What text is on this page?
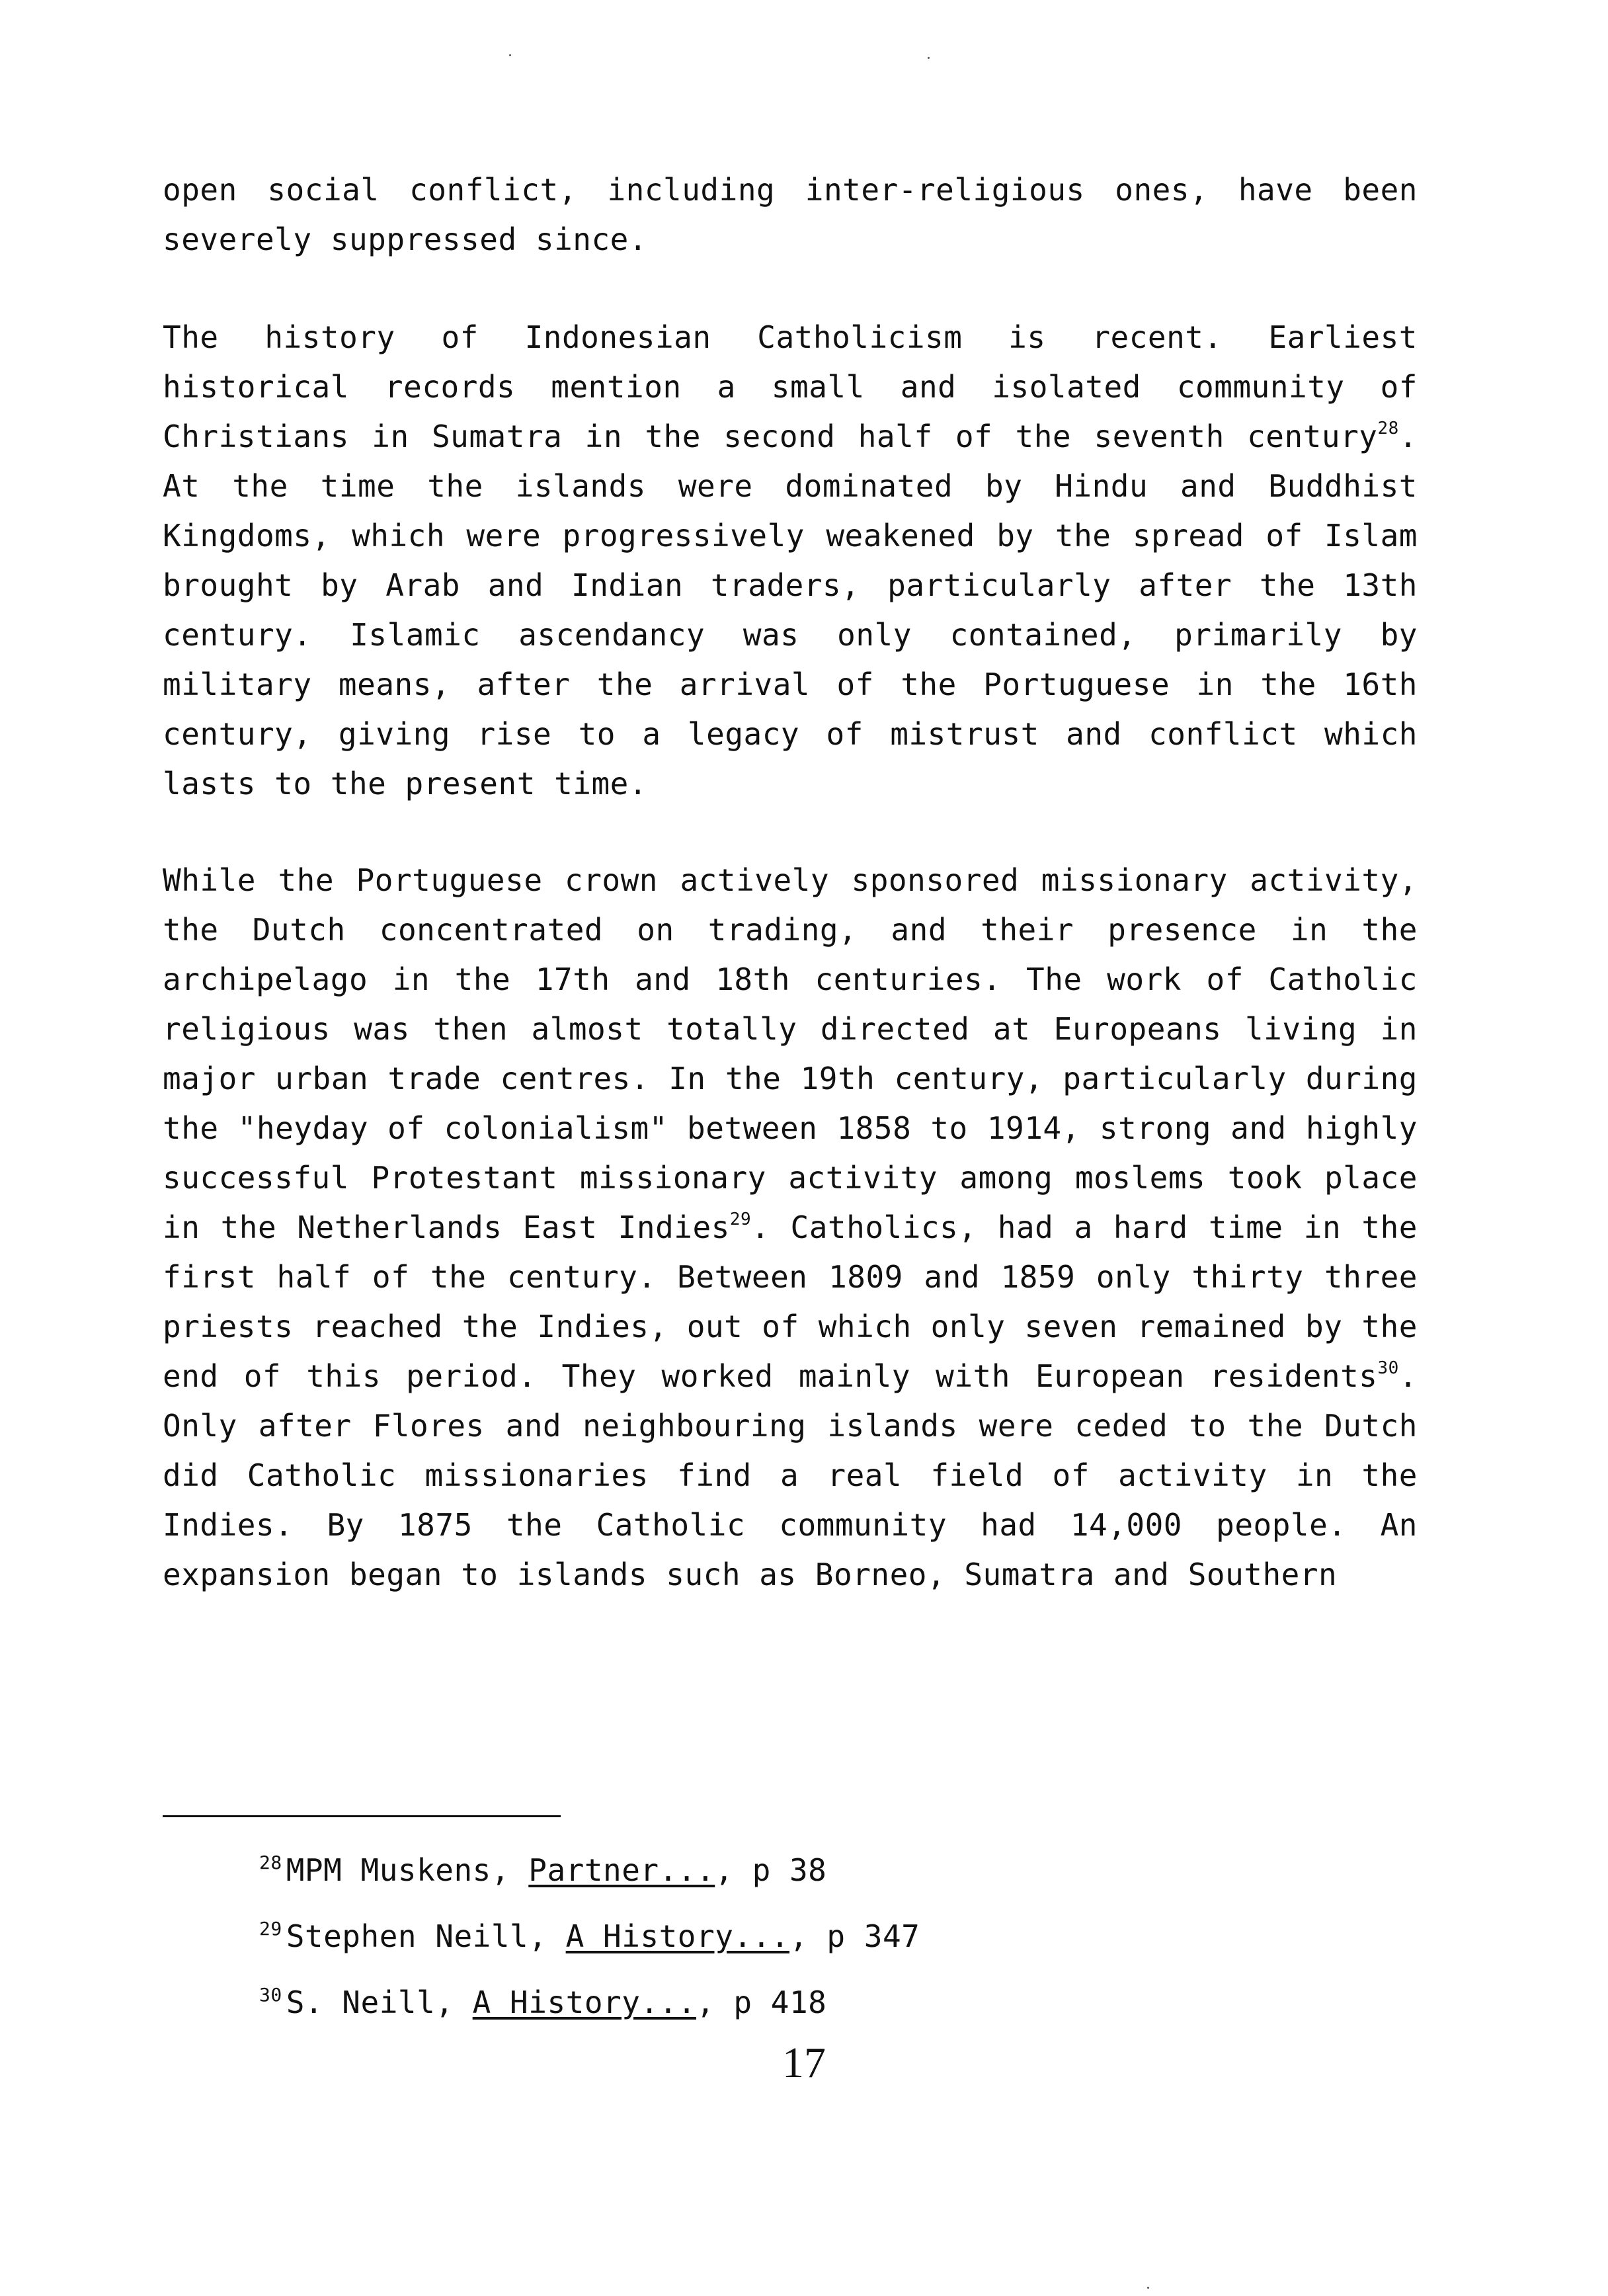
open social conflict, including inter-religious ones, have been severely suppressed since.

The history of Indonesian Catholicism is recent. Earliest historical records mention a small and isolated community of Christians in Sumatra in the second half of the seventh century$^{28}$. At the time the islands were dominated by Hindu and Buddhist Kingdoms, which were progressively weakened by the spread of Islam brought by Arab and Indian traders, particularly after the 13th century. Islamic ascendancy was only contained, primarily by military means, after the arrival of the Portuguese in the 16th century, giving rise to a legacy of mistrust and conflict which lasts to the present time.

While the Portuguese crown actively sponsored missionary activity, the Dutch concentrated on trading, and their presence in the archipelago in the 17th and 18th centuries. The work of Catholic religious was then almost totally directed at Europeans living in major urban trade centres. In the 19th century, particularly during the "heyday of colonialism" between 1858 to 1914, strong and highly successful Protestant missionary activity among moslems took place in the Netherlands East Indies$^{29}$. Catholics, had a hard time in the first half of the century. Between 1809 and 1859 only thirty three priests reached the Indies, out of which only seven remained by the end of this period. They worked mainly with European residents$^{30}$. Only after Flores and neighbouring islands were ceded to the Dutch did Catholic missionaries find a real field of activity in the Indies. By 1875 the Catholic community had 14,000 people. An expansion began to islands such as Borneo, Sumatra and Southern

$^{28}$ MPM Muskens, Partner..., p 38

$^{29}$ Stephen Neill, A History..., p 347

$^{30}$ S. Neill, A History..., p 418

17
